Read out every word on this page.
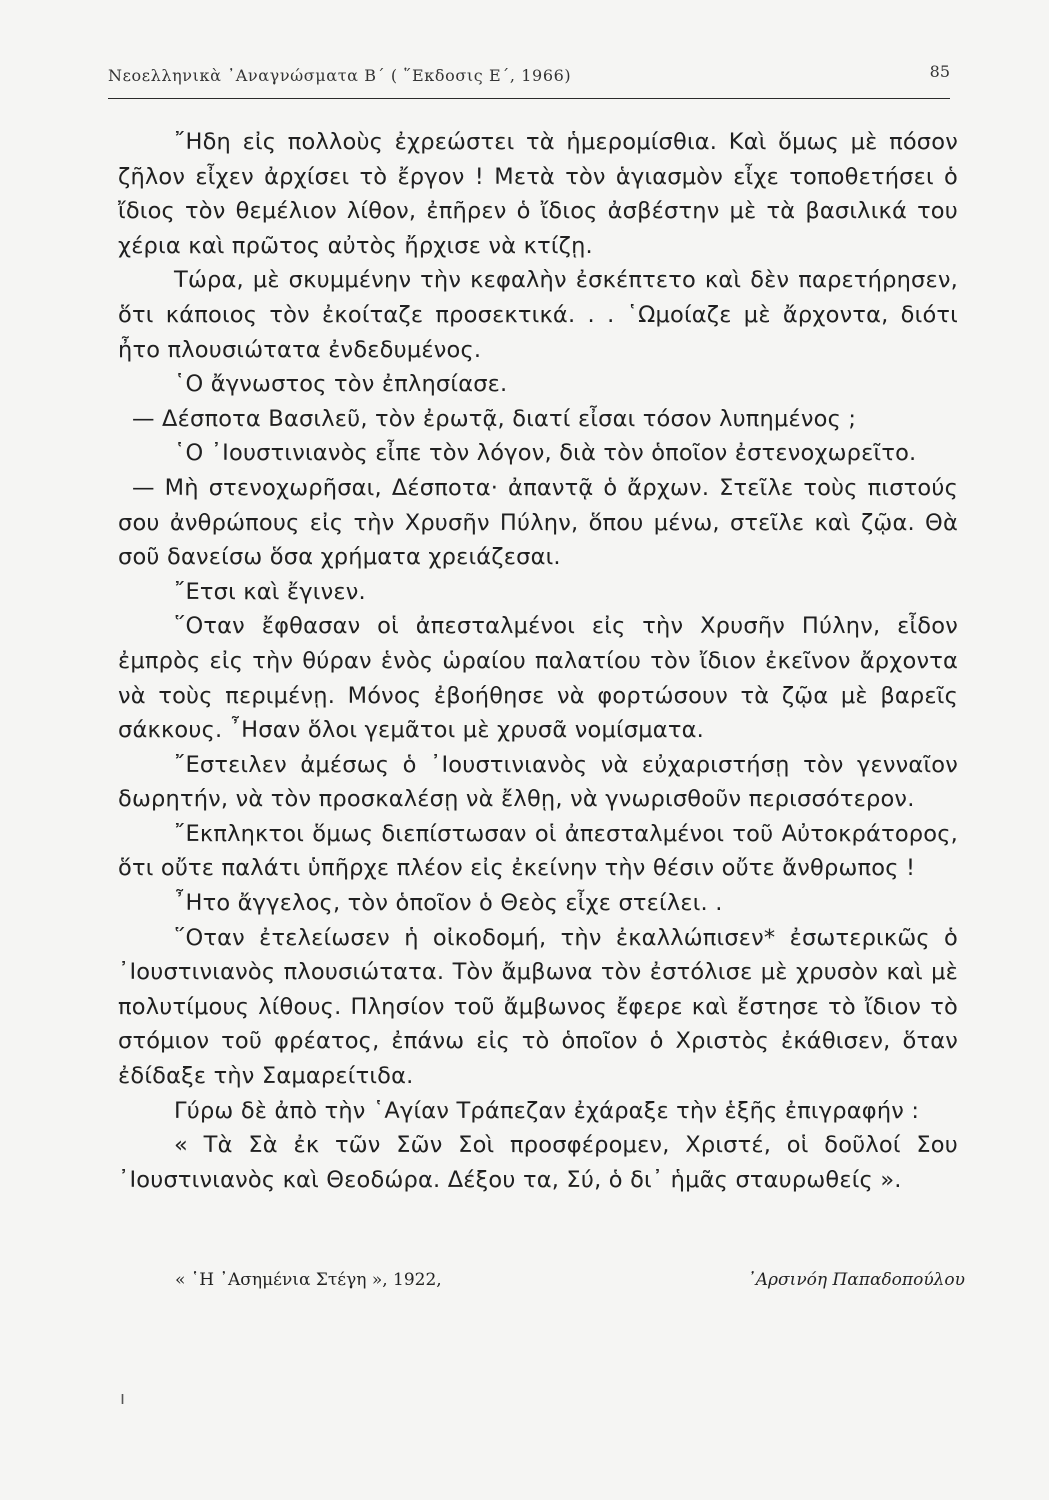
Νεοελληνικὰ ᾿Αναγνώσματα Β΄ ( ῞Εκδοσις Ε΄, 1966)	85

῎Ηδη εἰς πολλοὺς ἐχρεώστει τὰ ἡμερομίσθια. Καὶ ὅμως μὲ πόσον ζῆλον εἶχεν ἀρχίσει τὸ ἔργον ! Μετὰ τὸν ἁγιασμὸν εἶχε τοποθετήσει ὁ ἴδιος τὸν θεμέλιον λίθον, ἐπῆρεν ὁ ἴδιος ἀσβέστην μὲ τὰ βασιλικά του χέρια καὶ πρῶτος αὐτὸς ἤρχισε νὰ κτίζῃ.

Τώρα, μὲ σκυμμένην τὴν κεφαλὴν ἐσκέπτετο καὶ δὲν παρετήρησεν, ὅτι κάποιος τὸν ἐκοίταζε προσεκτικά. . . ῾Ωμοίαζε μὲ ἄρχοντα, διότι ἦτο πλουσιώτατα ἐνδεδυμένος.

῾Ο ἄγνωστος τὸν ἐπλησίασε.

— Δέσποτα Βασιλεῦ, τὸν ἐρωτᾷ, διατί εἶσαι τόσον λυπημένος ;

῾Ο ᾿Ιουστινιανὸς εἶπε τὸν λόγον, διὰ τὸν ὁποῖον ἐστενοχωρεῖτο.

— Μὴ στενοχωρῆσαι, Δέσποτα· ἀπαντᾷ ὁ ἄρχων. Στεῖλε τοὺς πιστούς σου ἀνθρώπους εἰς τὴν Χρυσῆν Πύλην, ὅπου μένω, στεῖλε καὶ ζῷα. Θὰ σοῦ δανείσω ὅσα χρήματα χρειάζεσαι.

῎Ετσι καὶ ἔγινεν.

῞Οταν ἔφθασαν οἱ ἀπεσταλμένοι εἰς τὴν Χρυσῆν Πύλην, εἶδον ἐμπρὸς εἰς τὴν θύραν ἑνὸς ὡραίου παλατίου τὸν ἴδιον ἐκεῖνον ἄρχοντα νὰ τοὺς περιμένῃ. Μόνος ἐβοήθησε νὰ φορτώσουν τὰ ζῷα μὲ βαρεῖς σάκκους. ῏Ησαν ὅλοι γεμᾶτοι μὲ χρυσᾶ νομίσματα.

῎Εστειλεν ἀμέσως ὁ ᾿Ιουστινιανὸς νὰ εὐχαριστήσῃ τὸν γενναῖον δωρητήν, νὰ τὸν προσκαλέσῃ νὰ ἔλθῃ, νὰ γνωρισθοῦν περισσότερον.

῎Εκπληκτοι ὅμως διεπίστωσαν οἱ ἀπεσταλμένοι τοῦ Αὐτοκράτορος, ὅτι οὔτε παλάτι ὑπῆρχε πλέον εἰς ἐκείνην τὴν θέσιν οὔτε ἄνθρωπος !

῏Ητο ἄγγελος, τὸν ὁποῖον ὁ Θεὸς εἶχε στείλει. .

῞Οταν ἐτελείωσεν ἡ οἰκοδομή, τὴν ἐκαλλώπισεν* ἐσωτερικῶς ὁ ᾿Ιουστινιανὸς πλουσιώτατα. Τὸν ἄμβωνα τὸν ἐστόλισε μὲ χρυσὸν καὶ μὲ πολυτίμους λίθους. Πλησίον τοῦ ἄμβωνος ἔφερε καὶ ἔστησε τὸ ἴδιον τὸ στόμιον τοῦ φρέατος, ἐπάνω εἰς τὸ ὁποῖον ὁ Χριστὸς ἐκάθισεν, ὅταν ἐδίδαξε τὴν Σαμαρείτιδα.

Γύρω δὲ ἀπὸ τὴν ῾Αγίαν Τράπεζαν ἐχάραξε τὴν ἑξῆς ἐπιγραφήν :

« Τὰ Σὰ ἐκ τῶν Σῶν Σοὶ προσφέρομεν, Χριστέ, οἱ δοῦλοί Σου ᾿Ιουστινιανὸς καὶ Θεοδώρα. Δέξου τα, Σύ, ὁ δι᾿ ἡμᾶς σταυρωθείς ».

« ῾Η ᾿Ασημένια Στέγη », 1922,	᾿Αρσινόη Παπαδοπούλου
ı
